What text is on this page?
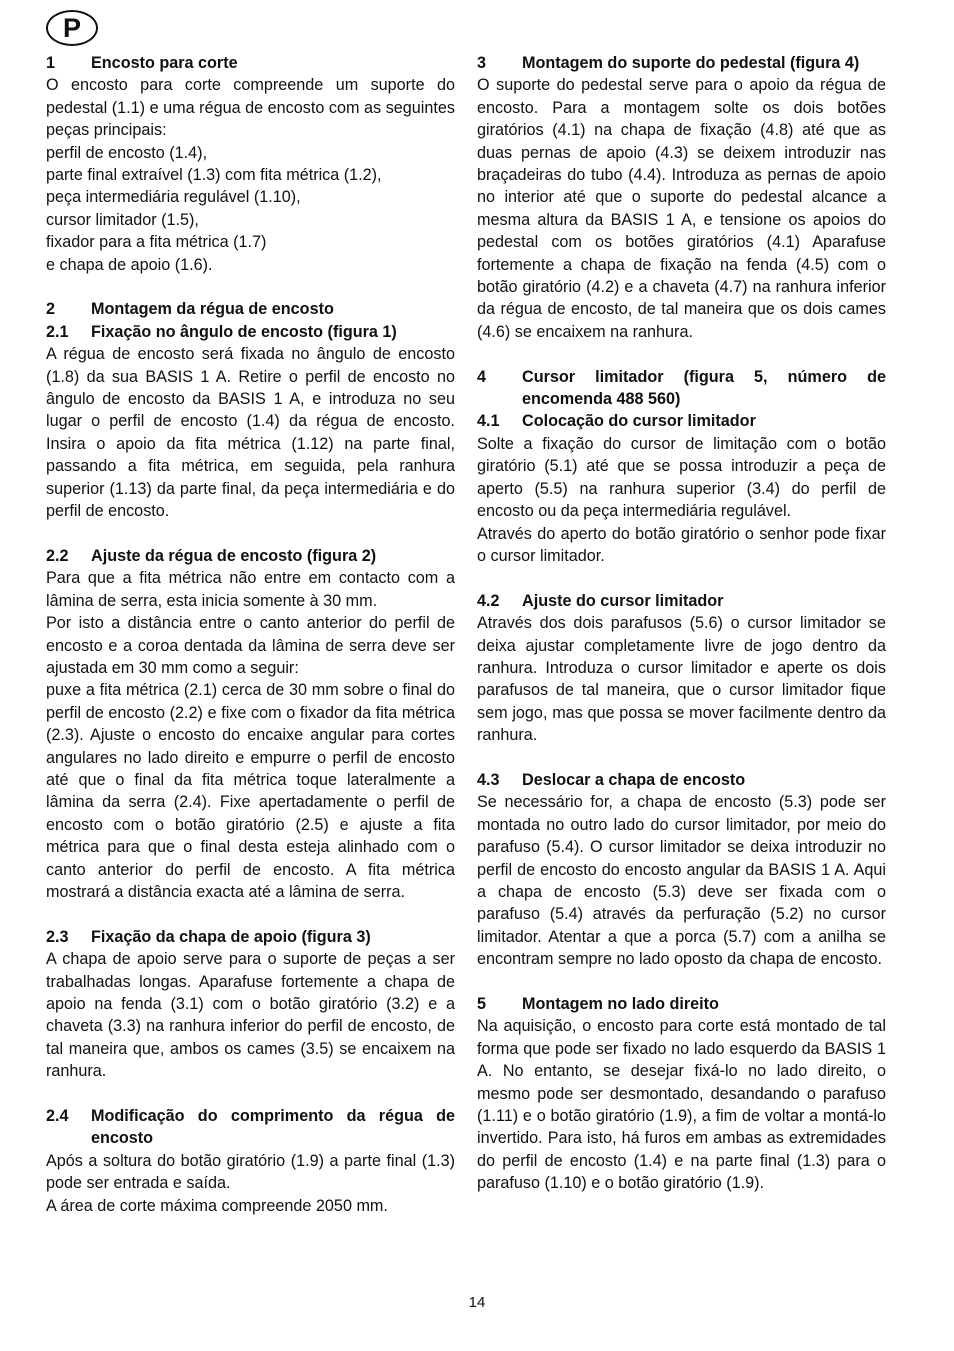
P
1	Encosto para corte

O encosto para corte compreende um suporte do pedestal (1.1) e uma régua de encosto com as seguintes peças principais:

perfil de encosto (1.4),

parte final extraível (1.3) com fita métrica (1.2),

peça intermediária regulável (1.10),

cursor limitador (1.5),

fixador para a fita métrica (1.7)

e chapa de apoio (1.6).

2	Montagem da régua de encosto
2.1	Fixação no ângulo de encosto (figura 1)

A régua de encosto será fixada no ângulo de encosto (1.8) da sua BASIS 1 A. Retire o perfil de encosto no ângulo de encosto da BASIS 1 A, e introduza no seu lugar o perfil de encosto (1.4) da régua de encosto. Insira o apoio da fita métrica (1.12) na parte final, passando a fita métrica, em seguida, pela ranhura superior (1.13) da parte final, da peça intermediária e do perfil de encosto.

2.2	Ajuste da régua de encosto (figura 2)

Para que a fita métrica não entre em contacto com a lâmina de serra, esta inicia somente à 30 mm.

Por isto a distância entre o canto anterior do perfil de encosto e a coroa dentada da lâmina de serra deve ser ajustada em 30 mm como a seguir:

puxe a fita métrica (2.1) cerca de 30 mm sobre o final do perfil de encosto (2.2) e fixe com o fixador da fita métrica (2.3). Ajuste o encosto do encaixe angular para cortes angulares no lado direito e empurre o perfil de encosto até que o final da fita métrica toque lateralmente a lâmina da serra (2.4). Fixe apertadamente o perfil de encosto com o botão giratório (2.5) e ajuste a fita métrica para que o final desta esteja alinhado com o canto anterior do perfil de encosto. A fita métrica mostrará a distância exacta até a lâmina de serra.

2.3	Fixação da chapa de apoio (figura 3)

A chapa de apoio serve para o suporte de peças a ser trabalhadas longas. Aparafuse fortemente a chapa de apoio na fenda (3.1) com o botão giratório (3.2) e a chaveta (3.3) na ranhura inferior do perfil de encosto, de tal maneira que, ambos os cames (3.5) se encaixem na ranhura.

2.4	Modificação do comprimento da régua de encosto

Após a soltura do botão giratório (1.9) a parte final (1.3) pode ser entrada e saída.

A área de corte máxima compreende 2050 mm.

3	Montagem do suporte do pedestal (figura 4)

O suporte do pedestal serve para o apoio da régua de encosto. Para a montagem solte os dois botões giratórios (4.1) na chapa de fixação (4.8) até que as duas pernas de apoio (4.3) se deixem introduzir nas braçadeiras do tubo (4.4). Introduza as pernas de apoio no interior até que o suporte do pedestal alcance a mesma altura da BASIS 1 A, e tensione os apoios do pedestal com os botões giratórios (4.1) Aparafuse fortemente a chapa de fixação na fenda (4.5) com o botão giratório (4.2) e a chaveta (4.7) na ranhura inferior da régua de encosto, de tal maneira que os dois cames (4.6) se encaixem na ranhura.

4	Cursor limitador (figura 5, número de encomenda 488 560)
4.1	Colocação do cursor limitador

Solte a fixação do cursor de limitação com o botão giratório (5.1) até que se possa introduzir a peça de aperto (5.5) na ranhura superior (3.4) do perfil de encosto ou da peça intermediária regulável.

Através do aperto do botão giratório o senhor pode fixar o cursor limitador.

4.2	Ajuste do cursor limitador

Através dos dois parafusos (5.6) o cursor limitador se deixa ajustar completamente livre de jogo dentro da ranhura. Introduza o cursor limitador e aperte os dois parafusos de tal maneira, que o cursor limitador fique sem jogo, mas que possa se mover facilmente dentro da ranhura.

4.3	Deslocar a chapa de encosto

Se necessário for, a chapa de encosto (5.3) pode ser montada no outro lado do cursor limitador, por meio do parafuso (5.4). O cursor limitador se deixa introduzir no perfil de encosto do encosto angular da BASIS 1 A. Aqui a chapa de encosto (5.3) deve ser fixada com o parafuso (5.4) através da perfuração (5.2) no cursor limitador. Atentar a que a porca (5.7) com a anilha se encontram sempre no lado oposto da chapa de encosto.

5	Montagem no lado direito

Na aquisição, o encosto para corte está montado de tal forma que pode ser fixado no lado esquerdo da BASIS 1 A. No entanto, se desejar fixá-lo no lado direito, o mesmo pode ser desmontado, desandando o parafuso (1.11) e o botão giratório (1.9), a fim de voltar a montá-lo invertido. Para isto, há furos em ambas as extremidades do perfil de encosto (1.4) e na parte final (1.3) para o parafuso (1.10) e o botão giratório (1.9).

14
